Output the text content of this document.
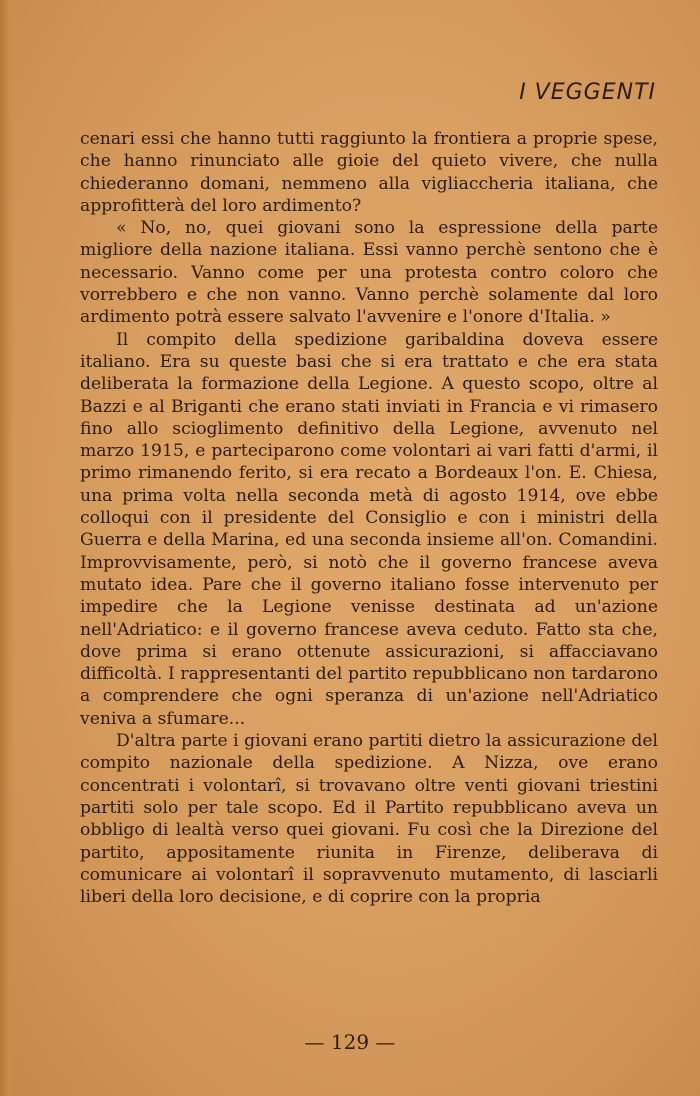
I VEGGENTI

cenari essi che hanno tutti raggiunto la frontiera a proprie spese, che hanno rinunciato alle gioie del quieto vivere, che nulla chiederanno domani, nemmeno alla vigliaccheria italiana, che approfitterà del loro ardimento?

« No, no, quei giovani sono la espressione della parte migliore della nazione italiana. Essi vanno perchè sentono che è necessario. Vanno come per una protesta contro coloro che vorrebbero e che non vanno. Vanno perchè solamente dal loro ardimento potrà essere salvato l'avvenire e l'onore d'Italia. »

Il compito della spedizione garibaldina doveva essere italiano. Era su queste basi che si era trattato e che era stata deliberata la formazione della Legione. A questo scopo, oltre al Bazzi e al Briganti che erano stati inviati in Francia e vi rimasero fino allo scioglimento definitivo della Legione, avvenuto nel marzo 1915, e parteciparono come volontari ai vari fatti d'armi, il primo rimanendo ferito, si era recato a Bordeaux l'on. E. Chiesa, una prima volta nella seconda metà di agosto 1914, ove ebbe colloqui con il presidente del Consiglio e con i ministri della Guerra e della Marina, ed una seconda insieme all'on. Comandini. Improvvisamente, però, si notò che il governo francese aveva mutato idea. Pare che il governo italiano fosse intervenuto per impedire che la Legione venisse destinata ad un'azione nell'Adriatico: e il governo francese aveva ceduto. Fatto sta che, dove prima si erano ottenute assicurazioni, si affacciavano difficoltà. I rappresentanti del partito repubblicano non tardarono a comprendere che ogni speranza di un'azione nell'Adriatico veniva a sfumare...

D'altra parte i giovani erano partiti dietro la assicurazione del compito nazionale della spedizione. A Nizza, ove erano concentrati i volontarî, si trovavano oltre venti giovani triestini partiti solo per tale scopo. Ed il Partito repubblicano aveva un obbligo di lealtà verso quei giovani. Fu così che la Direzione del partito, appositamente riunita in Firenze, deliberava di comunicare ai volontarî il sopravvenuto mutamento, di lasciarli liberi della loro decisione, e di coprire con la propria

— 129 —
